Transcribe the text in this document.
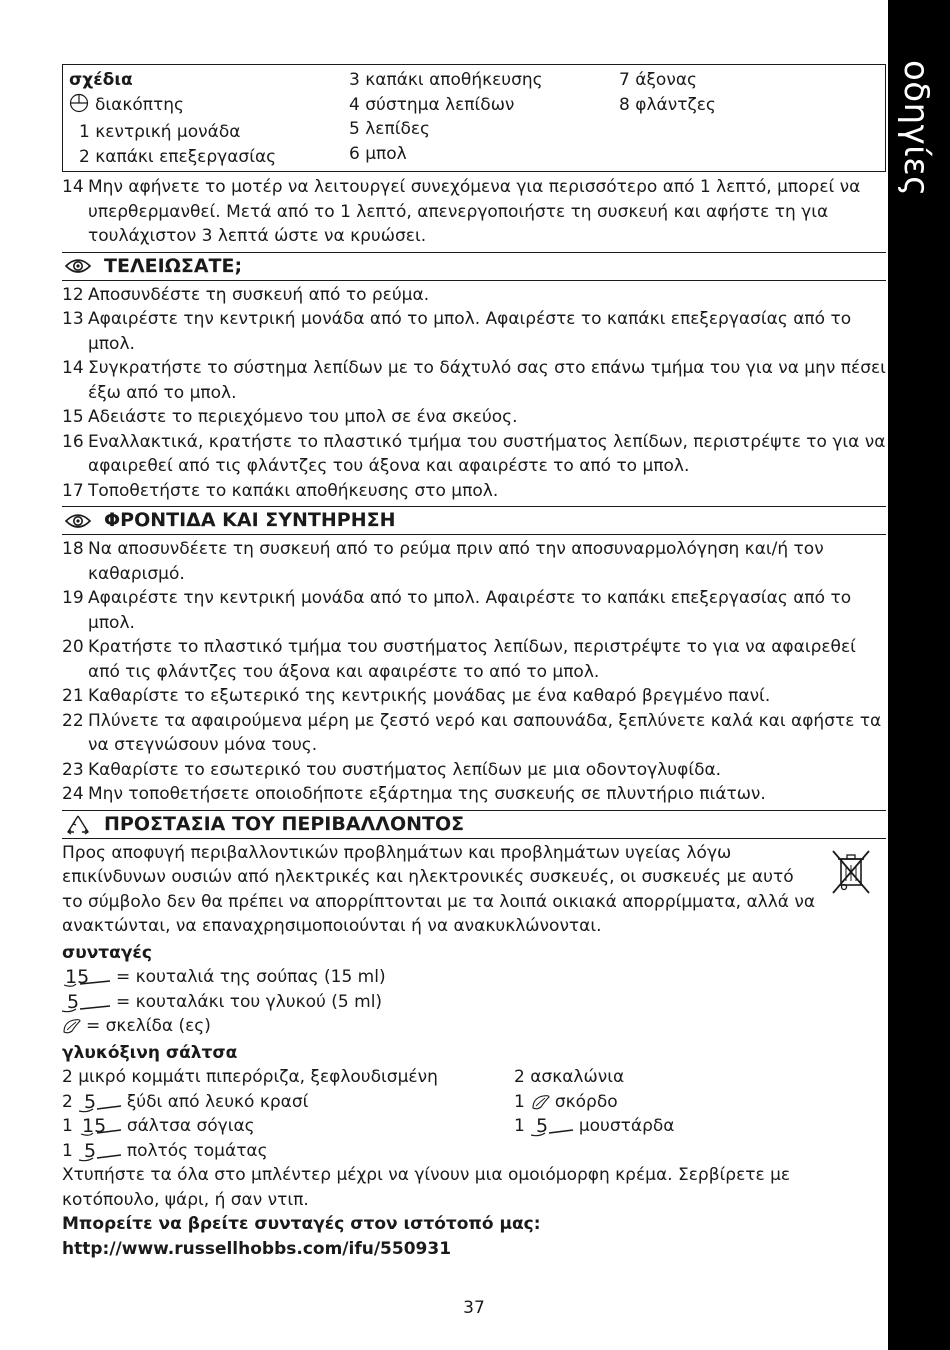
οδηγίες
σχέδια
διακόπτης
1 κεντρική μονάδα
2 καπάκι επεξεργασίας
3 καπάκι αποθήκευσης
4 σύστημα λεπίδων
5 λεπίδες
6 μπολ
7 άξονας
8 φλάντζες
14 Μην αφήνετε το μοτέρ να λειτουργεί συνεχόμενα για περισσότερο από 1 λεπτό, μπορεί να υπερθερμανθεί. Μετά από το 1 λεπτό, απενεργοποιήστε τη συσκευή και αφήστε τη για τουλάχιστον 3 λεπτά ώστε να κρυώσει.
ΤΕΛΕΙΩΣΑΤΕ;
12 Αποσυνδέστε τη συσκευή από το ρεύμα.
13 Αφαιρέστε την κεντρική μονάδα από το μπολ. Αφαιρέστε το καπάκι επεξεργασίας από το μπολ.
14 Συγκρατήστε το σύστημα λεπίδων με το δάχτυλό σας στο επάνω τμήμα του για να μην πέσει έξω από το μπολ.
15 Αδειάστε το περιεχόμενο του μπολ σε ένα σκεύος.
16 Εναλλακτικά, κρατήστε το πλαστικό τμήμα του συστήματος λεπίδων, περιστρέψτε το για να αφαιρεθεί από τις φλάντζες του άξονα και αφαιρέστε το από το μπολ.
17 Τοποθετήστε το καπάκι αποθήκευσης στο μπολ.
ΦΡΟΝΤΙΔΑ ΚΑΙ ΣΥΝΤΗΡΗΣΗ
18 Να αποσυνδέετε τη συσκευή από το ρεύμα πριν από την αποσυναρμολόγηση και/ή τον καθαρισμό.
19 Αφαιρέστε την κεντρική μονάδα από το μπολ. Αφαιρέστε το καπάκι επεξεργασίας από το μπολ.
20 Κρατήστε το πλαστικό τμήμα του συστήματος λεπίδων, περιστρέψτε το για να αφαιρεθεί από τις φλάντζες του άξονα και αφαιρέστε το από το μπολ.
21 Καθαρίστε το εξωτερικό της κεντρικής μονάδας με ένα καθαρό βρεγμένο πανί.
22 Πλύνετε τα αφαιρούμενα μέρη με ζεστό νερό και σαπουνάδα, ξεπλύνετε καλά και αφήστε τα να στεγνώσουν μόνα τους.
23 Καθαρίστε το εσωτερικό του συστήματος λεπίδων με μια οδοντογλυφίδα.
24 Μην τοποθετήσετε οποιοδήποτε εξάρτημα της συσκευής σε πλυντήριο πιάτων.
ΠΡΟΣΤΑΣΙΑ ΤΟΥ ΠΕΡΙΒΑΛΛΟΝΤΟΣ
Προς αποφυγή περιβαλλοντικών προβλημάτων και προβλημάτων υγείας λόγω επικίνδυνων ουσιών από ηλεκτρικές και ηλεκτρονικές συσκευές, οι συσκευές με αυτό το σύμβολο δεν θα πρέπει να απορρίπτονται με τα λοιπά οικιακά απορρίμματα, αλλά να ανακτώνται, να επαναχρησιμοποιούνται ή να ανακυκλώνονται.
συνταγές
15 = κουταλιά της σούπας (15 ml)
5 = κουταλάκι του γλυκού (5 ml)
= σκελίδα (ες)
γλυκόξινη σάλτσα
2 μικρό κομμάτι πιπερόριζα, ξεφλουδισμένη	2 ασκαλώνια
2 5 ξύδι από λευκό κρασί	1 σκόρδο
1 15 σάλτσα σόγιας	1 5 μουστάρδα
1 5 πολτός τομάτας
Χτυπήστε τα όλα στο μπλέντερ μέχρι να γίνουν μια ομοιόμορφη κρέμα. Σερβίρετε με κοτόπουλο, ψάρι, ή σαν ντιπ.
Μπορείτε να βρείτε συνταγές στον ιστότοπό μας:
http://www.russellhobbs.com/ifu/550931
37
